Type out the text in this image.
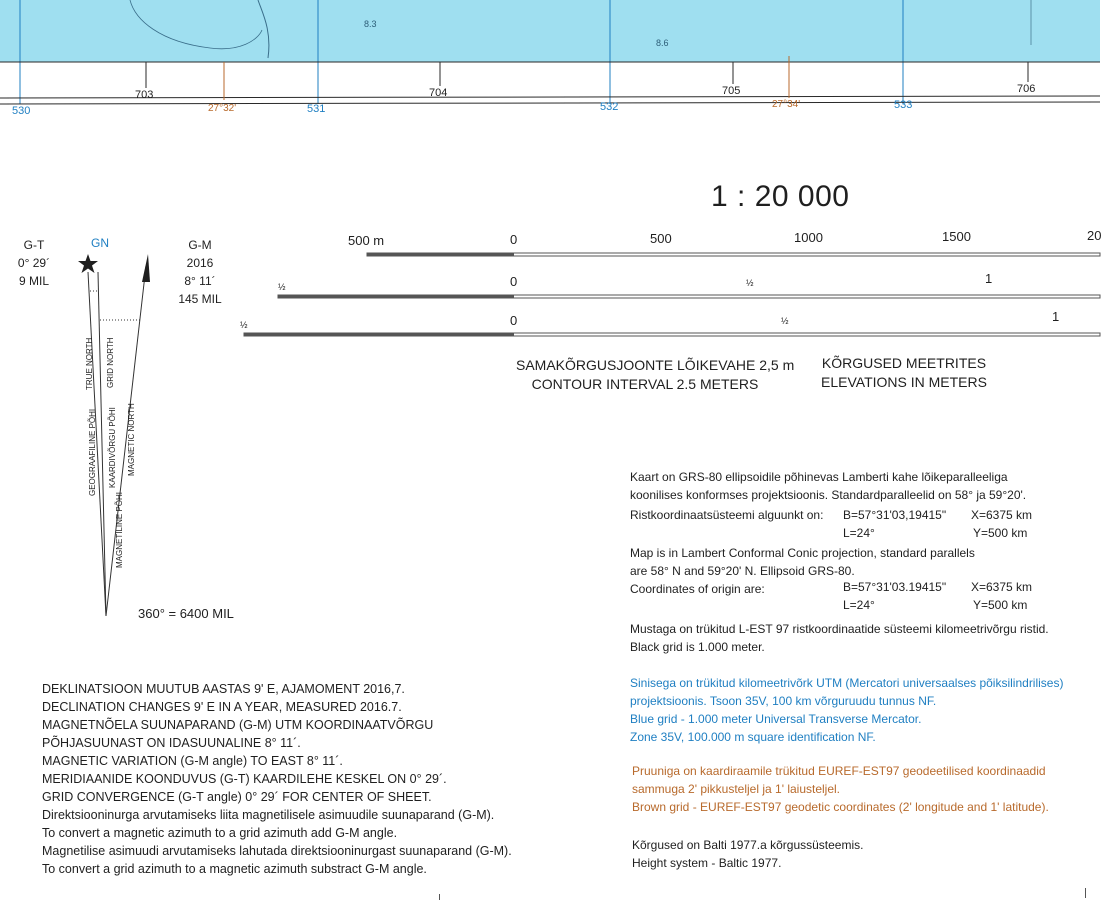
8.3
8.6
703	704	705	706
530	531	532	533
27°32'	27°34'
1 : 20 000
500 m	0	500	1000	1500	20
½	0	½	1
½	0	½	1
SAMAKÕRGUSJOONTE LÕIKEVAHE 2,5 m
CONTOUR INTERVAL 2.5 METERS
KÕRGUSED MEETRITES
ELEVATIONS IN METERS
G-T
0° 29´
9 MIL
GN	G-M
2016
8° 11´
145 MIL
GEOGRAAFILINE PÕHI
TRUE NORTH
KAARDIVÕRGU PÕHI
GRID NORTH
MAGNETILINE PÕHI
MAGNETIC NORTH
360° = 6400 MIL
DEKLINATSIOON MUUTUB AASTAS 9' E, AJAMOMENT 2016,7.
DECLINATION CHANGES 9' E IN A YEAR, MEASURED 2016.7.
MAGNETNÕELA SUUNAPARAND (G-M) UTM KOORDINAATVÕRGU
PÕHJASUUNAST ON IDASUUNALINE 8° 11´.
MAGNETIC VARIATION (G-M angle) TO EAST 8° 11´.
MERIDIAANIDE KOONDUVUS (G-T) KAARDILEHE KESKEL ON 0° 29´.
GRID CONVERGENCE (G-T angle) 0° 29´ FOR CENTER OF SHEET.
Direktsiooninurga arvutamiseks liita magnetilisele asimuudile suunaparand (G-M).
To convert a magnetic azimuth to a grid azimuth add G-M angle.
Magnetilise asimuudi arvutamiseks lahutada direktsiooninurgast suunaparand (G-M).
To convert a grid azimuth to a magnetic azimuth substract G-M angle.
Kaart on GRS-80 ellipsoidile põhinevas Lamberti kahe lõikeparalleeliga
koonilises konformses projektsioonis. Standardparalleelid on 58° ja 59°20'.
Ristkoordinaatsüsteemi alguunkt on: B=57°31'03,19415" X=6375 km
L=24°	Y=500 km
Map is in Lambert Conformal Conic projection, standard parallels
are 58° N and 59°20' N. Ellipsoid GRS-80.
Coordinates of origin are:	B=57°31'03.19415" X=6375 km
L=24°	Y=500 km
Mustaga on trükitud L-EST 97 ristkoordinaatide süsteemi kilomeetrivõrgu ristid.
Black grid is 1.000 meter.
Sinisega on trükitud kilomeetrivõrk UTM (Mercatori universaalses põiksilindrilises)
projektsioonis. Tsoon 35V, 100 km võrguruudu tunnus NF.
Blue grid - 1.000 meter Universal Transverse Mercator.
Zone 35V, 100.000 m square identification NF.
Pruuniga on kaardiraamile trükitud EUREF-EST97 geodeetilised koordinaadid
sammuga 2' pikkusteljel ja 1' laiusteljel.
Brown grid - EUREF-EST97 geodetic coordinates (2' longitude and 1' latitude).
Kõrgused on Balti 1977.a kõrgussüsteemis.
Height system - Baltic 1977.
